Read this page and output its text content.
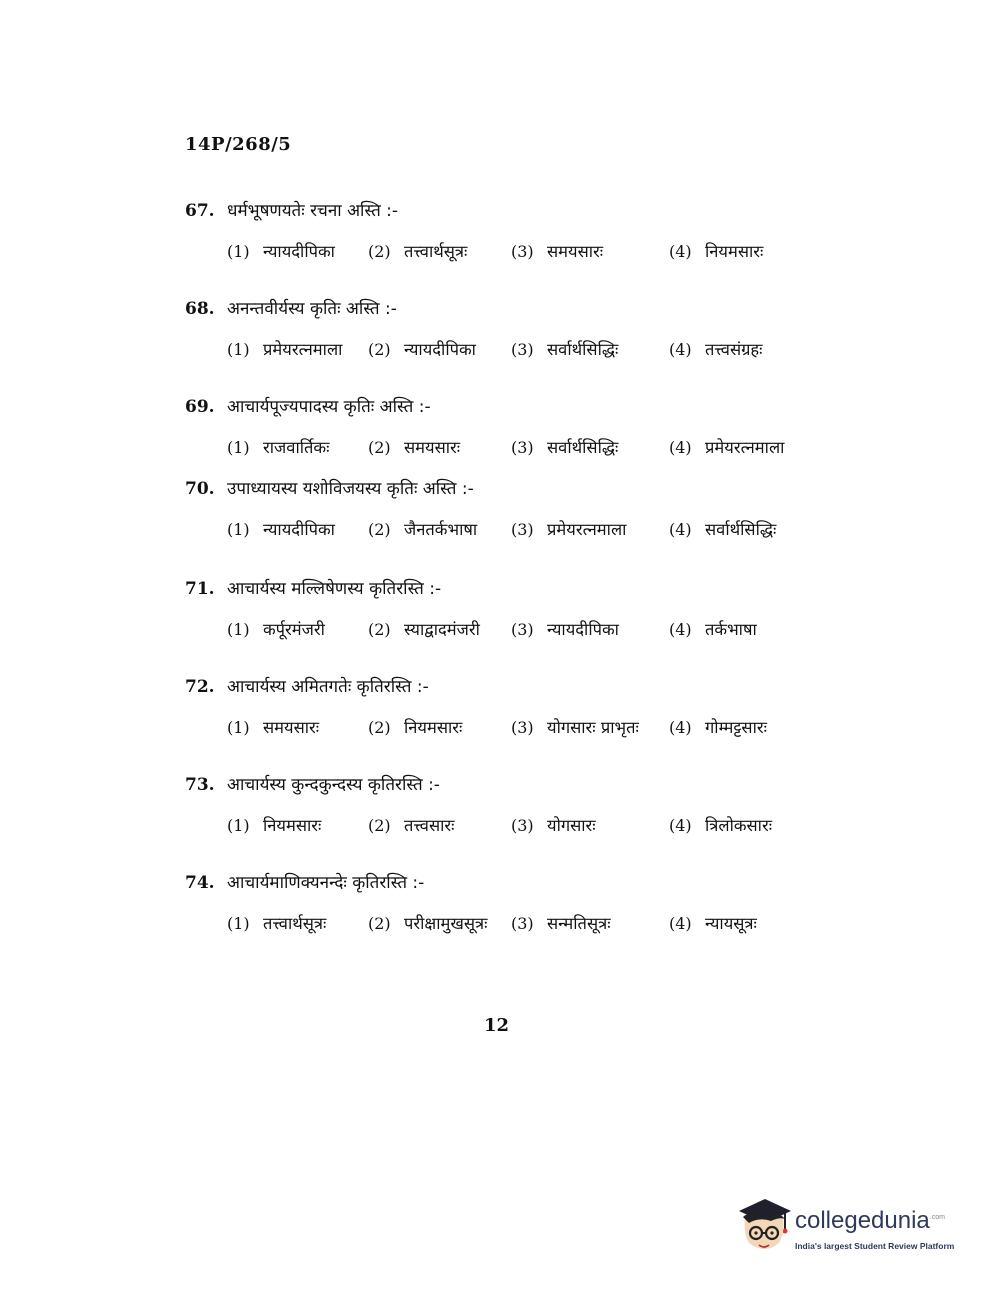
14P/268/5
67. धर्मभूषणयतेः रचना अस्ति :-
(1) न्यायदीपिका (2) तत्त्वार्थसूत्रः	(3) समयसारः	(4) नियमसारः
68. अनन्तवीर्यस्य कृतिः अस्ति :-
(1) प्रमेयरत्नमाला (2) न्यायदीपिका (3) सर्वार्थसिद्धिः	(4) तत्त्वसंग्रहः
69. आचार्यपूज्यपादस्य कृतिः अस्ति :-
(1) राजवार्तिकः (2) समयसारः	(3) सर्वार्थसिद्धिः	(4) प्रमेयरत्नमाला
70. उपाध्यायस्य यशोविजयस्य कृतिः अस्ति :-
(1) न्यायदीपिका (2) जैनतर्कभाषा (3) प्रमेयरत्नमाला	(4) सर्वार्थसिद्धिः
71. आचार्यस्य मल्लिषेणस्य कृतिरस्ति :-
(1) कर्पूरमंजरी	(2) स्याद्वादमंजरी (3) न्यायदीपिका	(4) तर्कभाषा
72. आचार्यस्य अमितगतेः कृतिरस्ति :-
(1) समयसारः	(2) नियमसारः	(3) योगसारः प्राभृतः (4) गोम्मट्टसारः
73. आचार्यस्य कुन्दकुन्दस्य कृतिरस्ति :-
(1) नियमसारः	(2) तत्त्वसारः	(3) योगसारः	(4) त्रिलोकसारः
74. आचार्यमाणिक्यनन्देः कृतिरस्ति :-
(1) तत्त्वार्थसूत्रः	(2) परीक्षामुखसूत्रः (3) सन्मतिसूत्रः	(4) न्यायसूत्रः
12
collegedunia$^{.com}$
India's largest Student Review Platform
